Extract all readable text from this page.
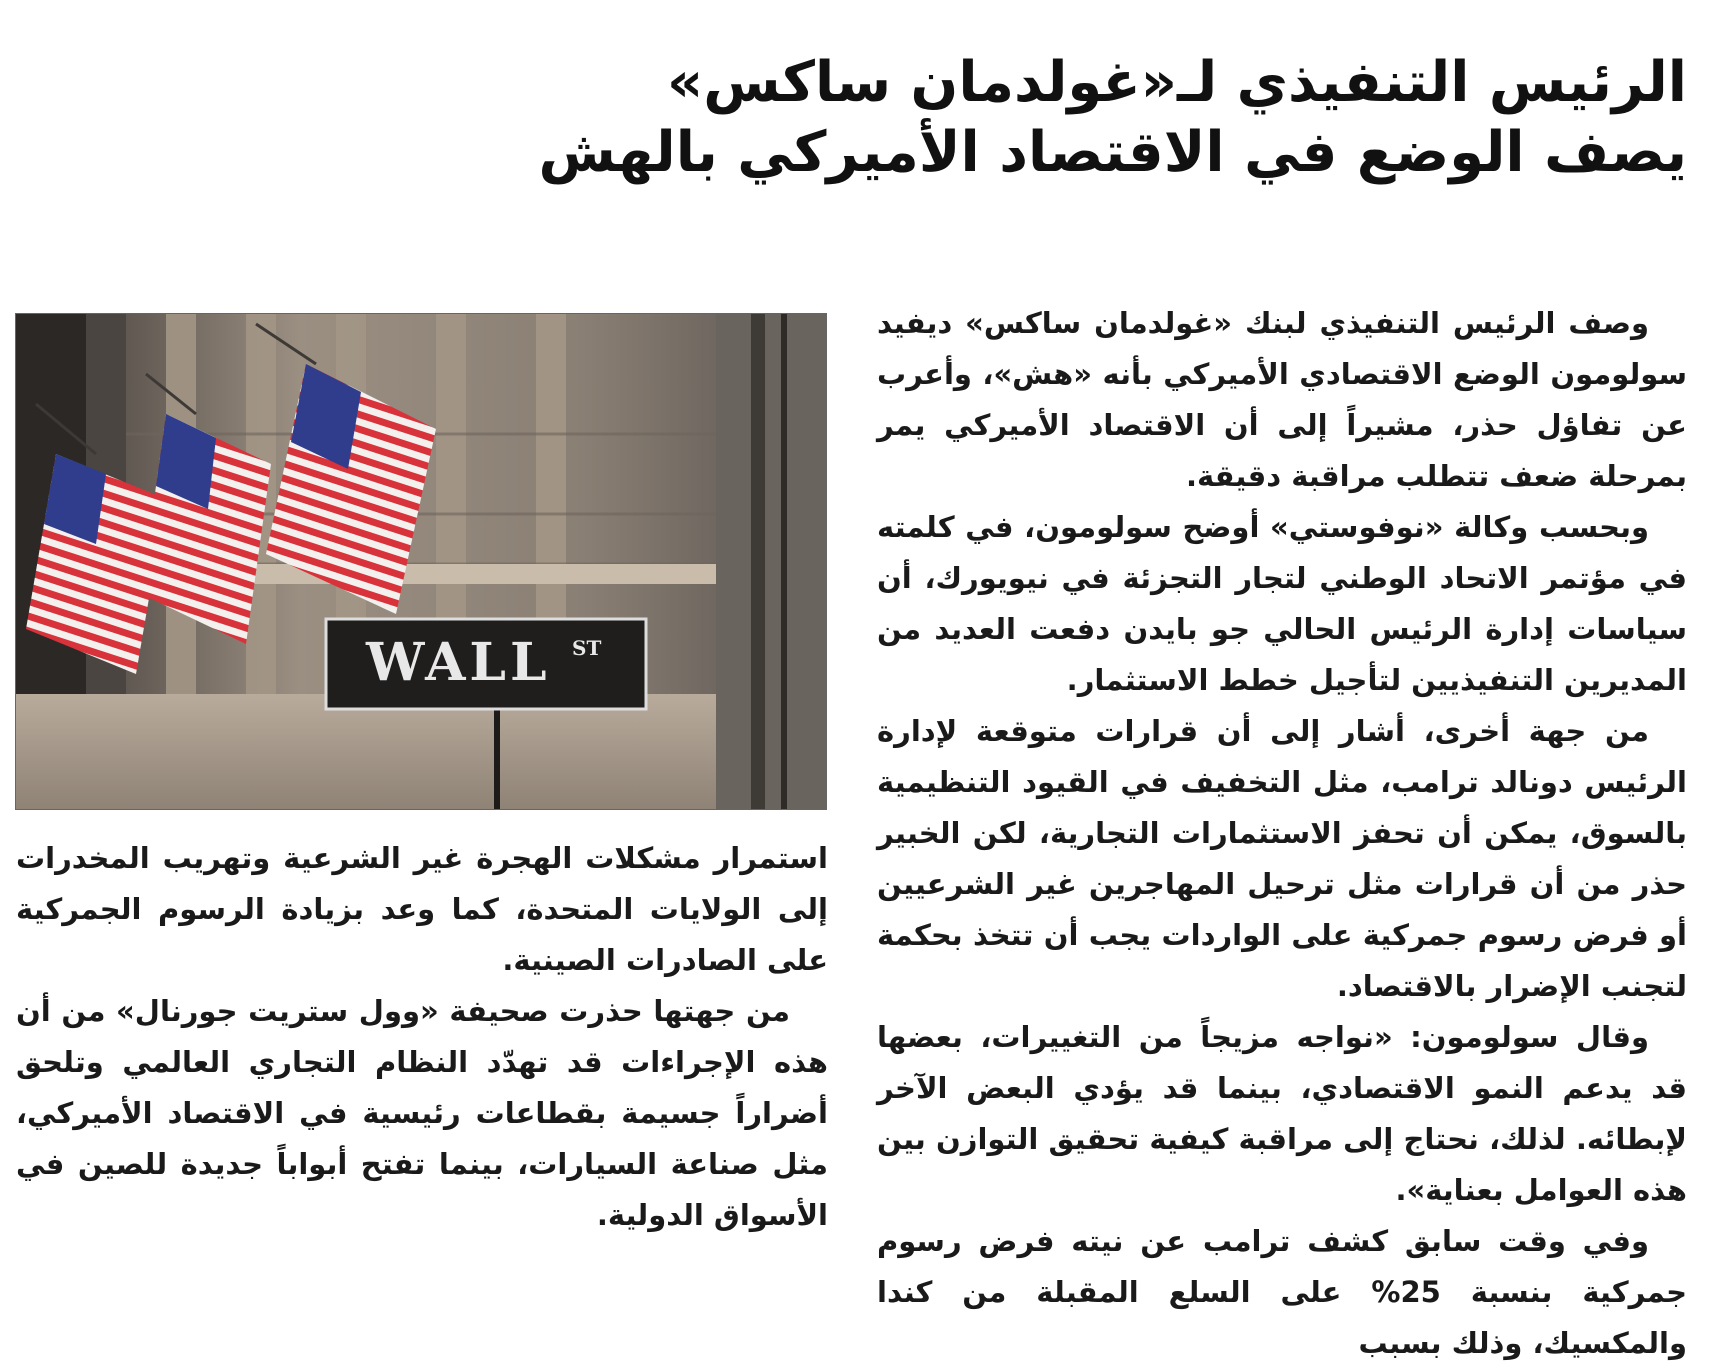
الرئيس التنفيذي لـ«غولدمان ساكس»
يصف الوضع في الاقتصاد الأميركي بالهش

وصف الرئيس التنفيذي لبنك «غولدمان ساكس» ديفيد سولومون الوضع الاقتصادي الأميركي بأنه «هش»، وأعرب عن تفاؤل حذر، مشيراً إلى أن الاقتصاد الأميركي يمر بمرحلة ضعف تتطلب مراقبة دقيقة.

وبحسب وكالة «نوفوستي» أوضح سولومون، في كلمته في مؤتمر الاتحاد الوطني لتجار التجزئة في نيويورك، أن سياسات إدارة الرئيس الحالي جو بايدن دفعت العديد من المديرين التنفيذيين لتأجيل خطط الاستثمار.

من جهة أخرى، أشار إلى أن قرارات متوقعة لإدارة الرئيس دونالد ترامب، مثل التخفيف في القيود التنظيمية بالسوق، يمكن أن تحفز الاستثمارات التجارية، لكن الخبير حذر من أن قرارات مثل ترحيل المهاجرين غير الشرعيين أو فرض رسوم جمركية على الواردات يجب أن تتخذ بحكمة لتجنب الإضرار بالاقتصاد.

وقال سولومون: «نواجه مزيجاً من التغييرات، بعضها قد يدعم النمو الاقتصادي، بينما قد يؤدي البعض الآخر لإبطائه. لذلك، نحتاج إلى مراقبة كيفية تحقيق التوازن بين هذه العوامل بعناية».

وفي وقت سابق كشف ترامب عن نيته فرض رسوم جمركية بنسبة 25% على السلع المقبلة من كندا والمكسيك، وذلك بسبب

WALL ST

استمرار مشكلات الهجرة غير الشرعية وتهريب المخدرات إلى الولايات المتحدة، كما وعد بزيادة الرسوم الجمركية على الصادرات الصينية.

من جهتها حذرت صحيفة «وول ستريت جورنال» من أن هذه الإجراءات قد تهدّد النظام التجاري العالمي وتلحق أضراراً جسيمة بقطاعات رئيسية في الاقتصاد الأميركي، مثل صناعة السيارات، بينما تفتح أبواباً جديدة للصين في الأسواق الدولية.
